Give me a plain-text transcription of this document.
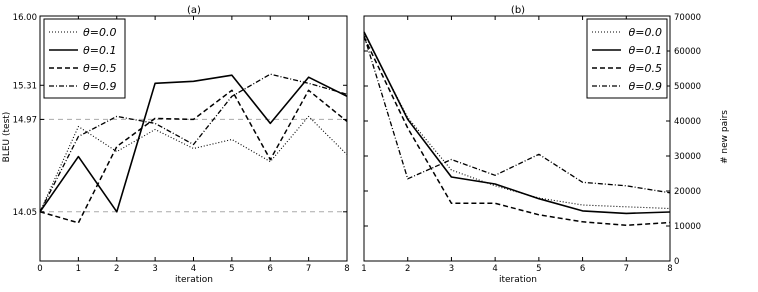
(a)
BLEU (test)
iteration
0	1	2	3	4	5	6	7	8
14.05
14.97
15.31
16.00
θ=0.0
θ=0.1
θ=0.5
θ=0.9
(b)
# new pairs
iteration
1	2	3	4	5	6	7	8
0
10000
20000
30000
40000
50000
60000
70000
θ=0.0
θ=0.1
θ=0.5
θ=0.9
